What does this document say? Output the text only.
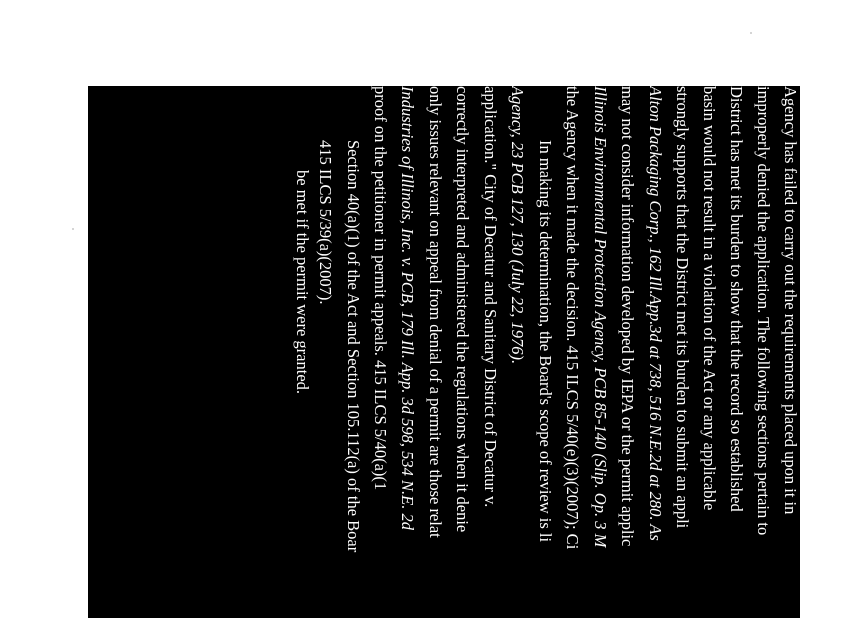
be met if the permit were granted. 415 ILCS 5/39(a)(2007). Section 40(a)(1) of the Act and Section 105.112(a) of the Boar proof on the petitioner in permit appeals. 415 ILCS 5/40(a)(1 Industries of Illinois, Inc. v. PCB, 179 Ill. App. 3d 598, 534 N.E. 2d only issues relevant on appeal from denial of a permit are those relat correctly interpreted and administered the regulations when it denie application." City of Decatur and Sanitary District of Decatur v. Agency, 23 PCB 127, 130 (July 22, 1976). In making its determination, the Board's scope of review is li the Agency when it made the decision. 415 ILCS 5/40(e)(3)(2007); Ci Illinois Environmental Protection Agency, PCB 85-140 (Slip. Op. 3 M may not consider information developed by IEPA or the permit applic Alton Packaging Corp., 162 Ill.App.3d at 738, 516 N.E.2d at 280. As strongly supports that the District met its burden to submit an appli basin would not result in a violation of the Act or any applicable District has met its burden to show that the record so established improperly denied the application. The following sections pertain to Agency has failed to carry out the requirements placed upon it in application. Accordingly, the Board should overturn the decision to application and direct that the Agency issue the requested permit.
